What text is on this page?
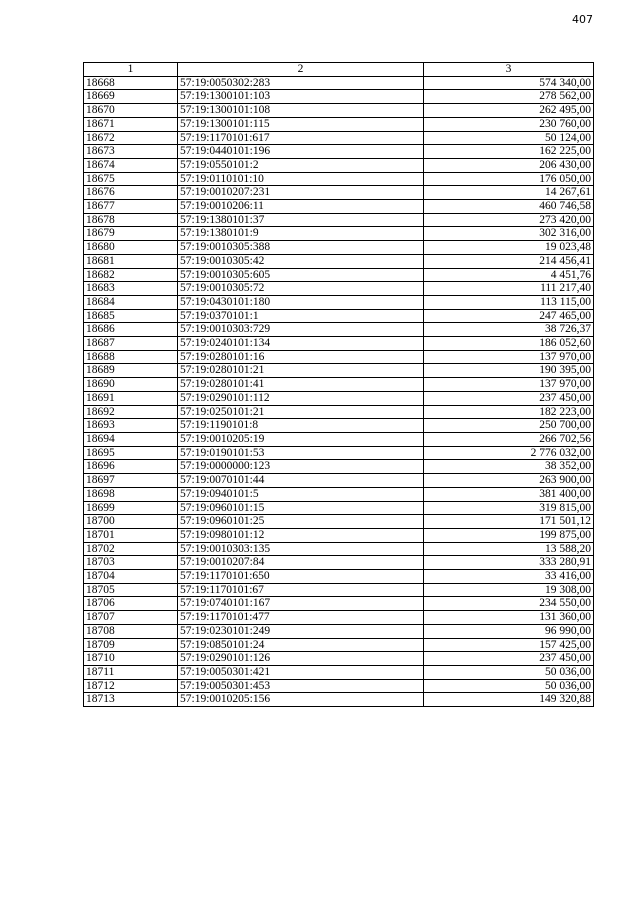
407
1	2	3
18668	57:19:0050302:283	574 340,00
18669	57:19:1300101:103	278 562,00
18670	57:19:1300101:108	262 495,00
18671	57:19:1300101:115	230 760,00
18672	57:19:1170101:617	50 124,00
18673	57:19:0440101:196	162 225,00
18674	57:19:0550101:2	206 430,00
18675	57:19:0110101:10	176 050,00
18676	57:19:0010207:231	14 267,61
18677	57:19:0010206:11	460 746,58
18678	57:19:1380101:37	273 420,00
18679	57:19:1380101:9	302 316,00
18680	57:19:0010305:388	19 023,48
18681	57:19:0010305:42	214 456,41
18682	57:19:0010305:605	4 451,76
18683	57:19:0010305:72	111 217,40
18684	57:19:0430101:180	113 115,00
18685	57:19:0370101:1	247 465,00
18686	57:19:0010303:729	38 726,37
18687	57:19:0240101:134	186 052,60
18688	57:19:0280101:16	137 970,00
18689	57:19:0280101:21	190 395,00
18690	57:19:0280101:41	137 970,00
18691	57:19:0290101:112	237 450,00
18692	57:19:0250101:21	182 223,00
18693	57:19:1190101:8	250 700,00
18694	57:19:0010205:19	266 702,56
18695	57:19:0190101:53	2 776 032,00
18696	57:19:0000000:123	38 352,00
18697	57:19:0070101:44	263 900,00
18698	57:19:0940101:5	381 400,00
18699	57:19:0960101:15	319 815,00
18700	57:19:0960101:25	171 501,12
18701	57:19:0980101:12	199 875,00
18702	57:19:0010303:135	13 588,20
18703	57:19:0010207:84	333 280,91
18704	57:19:1170101:650	33 416,00
18705	57:19:1170101:67	19 308,00
18706	57:19:0740101:167	234 550,00
18707	57:19:1170101:477	131 360,00
18708	57:19:0230101:249	96 990,00
18709	57:19:0850101:24	157 425,00
18710	57:19:0290101:126	237 450,00
18711	57:19:0050301:421	50 036,00
18712	57:19:0050301:453	50 036,00
18713	57:19:0010205:156	149 320,88
